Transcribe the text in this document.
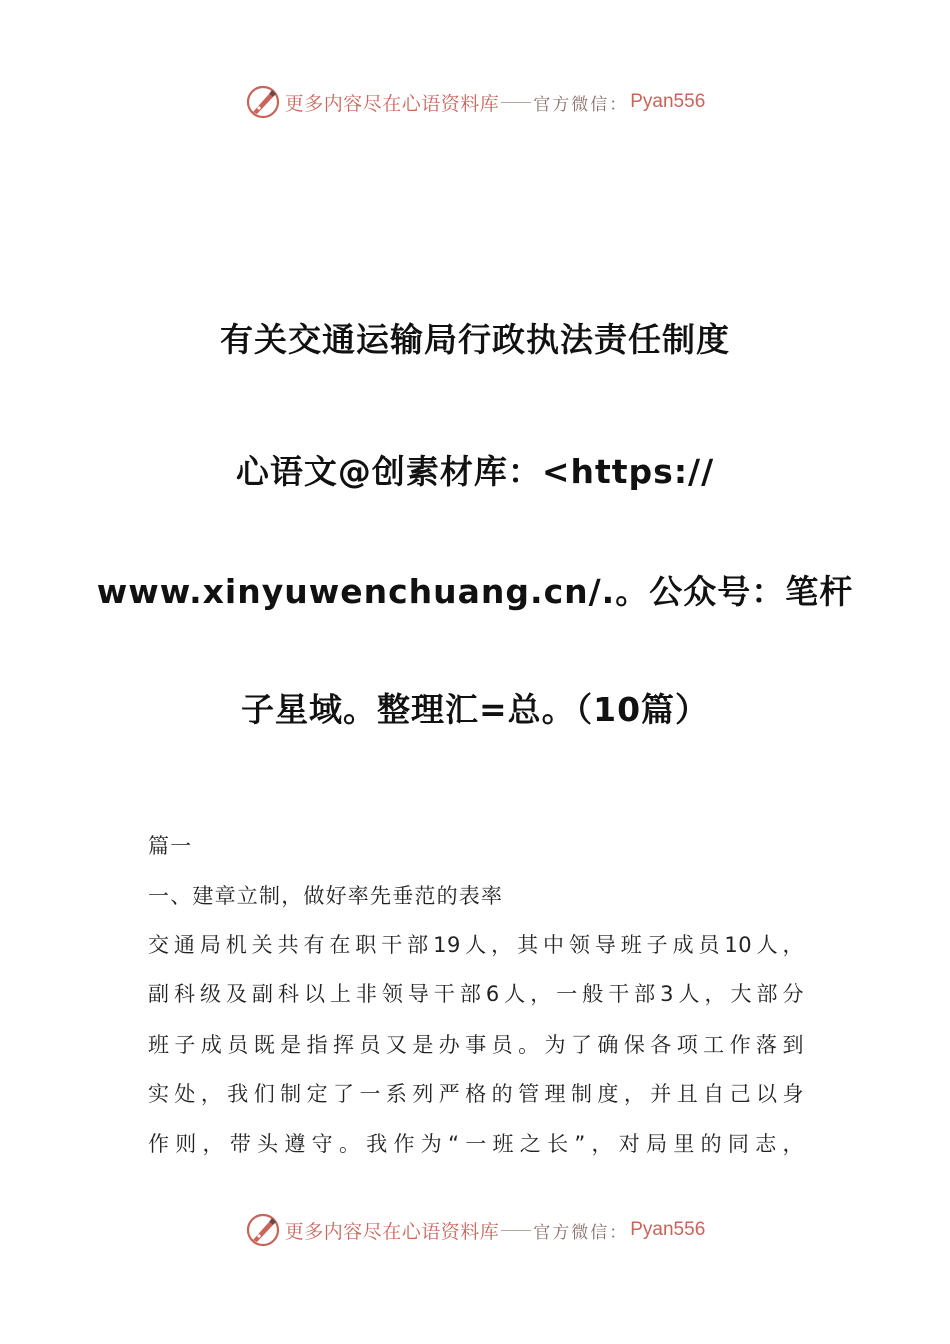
更多内容尽在心语资料库 官方微信： Pyan556
有关交通运输局行政执法责任制度
心语文@创素材库：<https://
www.xinyuwenchuang.cn/.。公众号：笔杆
子星域。整理汇=总。（10篇）
篇一
一、建章立制，做好率先垂范的表率
交通局机关共有在职干部19人，其中领导班子成员10人，
副科级及副科以上非领导干部6人，一般干部3人，大部分
班子成员既是指挥员又是办事员。为了确保各项工作落到
实处，我们制定了一系列严格的管理制度，并且自己以身
作则，带头遵守。我作为“一班之长”，对局里的同志，
更多内容尽在心语资料库 官方微信： Pyan556
